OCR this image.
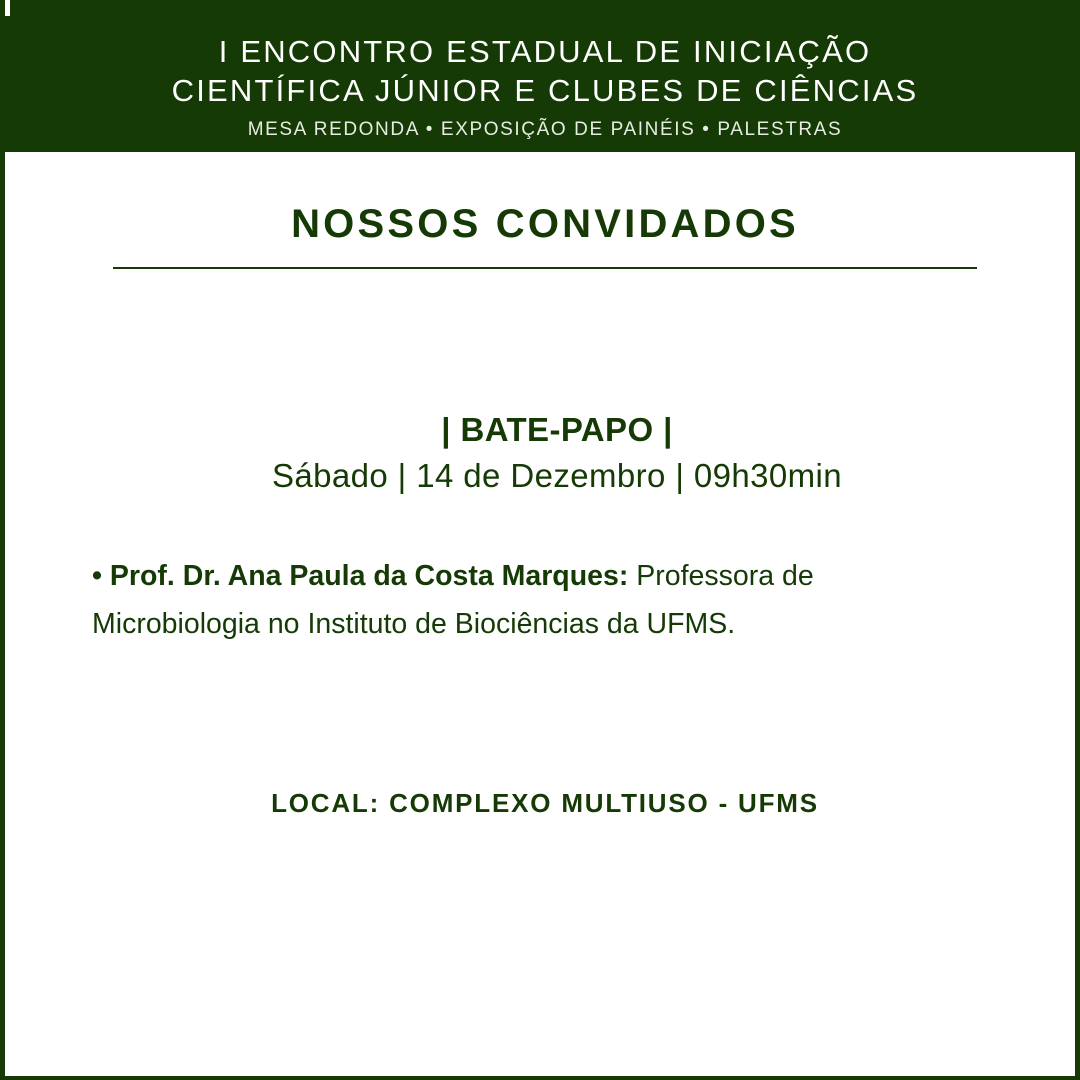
I ENCONTRO ESTADUAL DE INICIAÇÃO
CIENTÍFICA JÚNIOR E CLUBES DE CIÊNCIAS
MESA REDONDA • EXPOSIÇÃO DE PAINÉIS • PALESTRAS
NOSSOS CONVIDADOS
| BATE-PAPO |
Sábado | 14 de Dezembro | 09h30min
• Prof. Dr. Ana Paula da Costa Marques: Professora de Microbiologia no Instituto de Biociências da UFMS.
LOCAL: COMPLEXO MULTIUSO - UFMS
